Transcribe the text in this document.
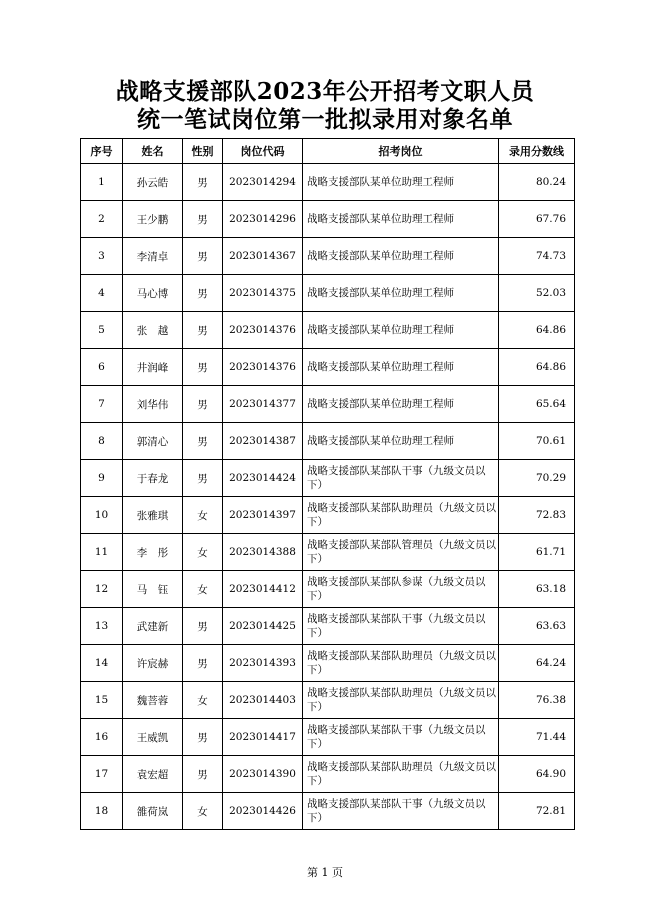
战略支援部队2023年公开招考文职人员
统一笔试岗位第一批拟录用对象名单
序号	姓名	性别	岗位代码	招考岗位	录用分数线
1	孙云皓	男	2023014294	战略支援部队某单位助理工程师	80.24
2	王少鹏	男	2023014296	战略支援部队某单位助理工程师	67.76
3	李清卓	男	2023014367	战略支援部队某单位助理工程师	74.73
4	马心博	男	2023014375	战略支援部队某单位助理工程师	52.03
5	张　越	男	2023014376	战略支援部队某单位助理工程师	64.86
6	井润峰	男	2023014376	战略支援部队某单位助理工程师	64.86
7	刘华伟	男	2023014377	战略支援部队某单位助理工程师	65.64
8	郭清心	男	2023014387	战略支援部队某单位助理工程师	70.61
9	于春龙	男	2023014424	战略支援部队某部队干事（九级文员以下）	70.29
10	张雅琪	女	2023014397	战略支援部队某部队助理员（九级文员以下）	72.83
11	李　彤	女	2023014388	战略支援部队某部队管理员（九级文员以下）	61.71
12	马　钰	女	2023014412	战略支援部队某部队参谋（九级文员以下）	63.18
13	武建新	男	2023014425	战略支援部队某部队干事（九级文员以下）	63.63
14	许宸赫	男	2023014393	战略支援部队某部队助理员（九级文员以下）	64.24
15	魏菩蓉	女	2023014403	战略支援部队某部队助理员（九级文员以下）	76.38
16	王威凯	男	2023014417	战略支援部队某部队干事（九级文员以下）	71.44
17	袁宏超	男	2023014390	战略支援部队某部队助理员（九级文员以下）	64.90
18	雒荷岚	女	2023014426	战略支援部队某部队干事（九级文员以下）	72.81
第 1 页
